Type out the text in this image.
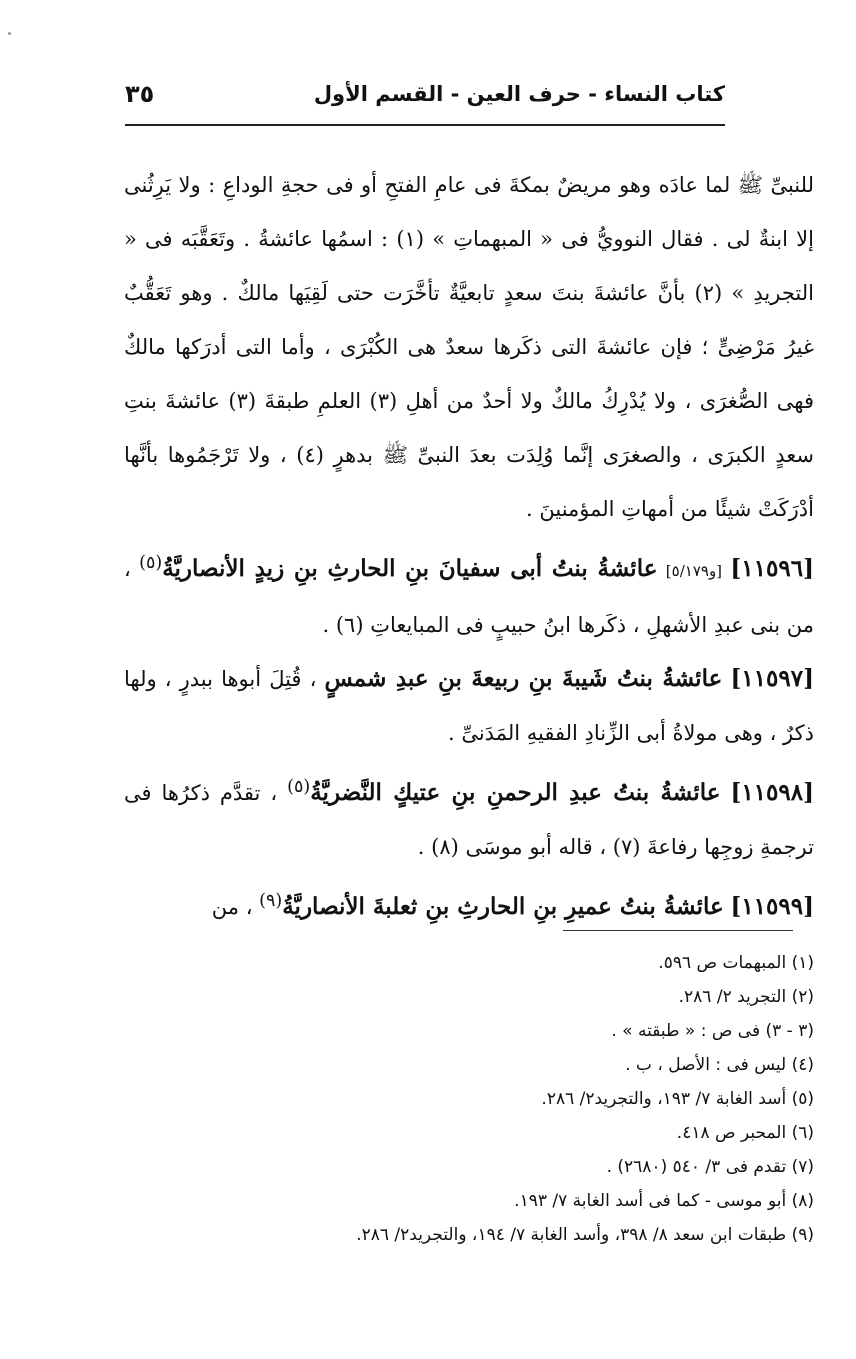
٣٥	كتاب النساء - حرف العين - القسم الأول

للنبىِّ ﷺ لما عادَه وهو مريضٌ بمكةَ فى عامِ الفتحِ أو فى حجةِ الوداعِ : ولا يَرِثُنى إلا ابنةٌ لى . فقال النوويُّ فى « المبهماتِ » (١) : اسمُها عائشةُ . وتَعَقَّبَه فى « التجريدِ » (٢) بأنَّ عائشةَ بنتَ سعدٍ تابعيَّةٌ تأخَّرَت حتى لَقِيَها مالكٌ . وهو تَعَقُّبٌ غيرُ مَرْضِىٍّ ؛ فإن عائشةَ التى ذكَرها سعدٌ هى الكُبْرَى ، وأما التى أدرَكها مالكٌ فهى الصُّغرَى ، ولا يُدْرِكُ مالكٌ ولا أحدٌ من أهلِ (٣) العلمِ طبقةَ (٣) عائشةَ بنتِ سعدٍ الكبرَى ، والصغرَى إنَّما وُلِدَت بعدَ النبىِّ ﷺ بدهرٍ (٤) ، ولا تَرْجَمُوها بأنَّها أدْرَكَتْ شيئًا من أمهاتِ المؤمنينَ .

[١١٥٩٦] [و٥/١٧٩] عائشةُ بنتُ أبى سفيانَ بنِ الحارثِ بنِ زيدٍ الأنصاريَّةُ$^{(٥)}$ ، من بنى عبدِ الأشهلِ ، ذكَرها ابنُ حبيبٍ فى المبايعاتِ (٦) .

[١١٥٩٧] عائشةُ بنتُ شَيبةَ بنِ ربيعةَ بنِ عبدِ شمسٍ ، قُتِلَ أبوها ببدرٍ ، ولها ذكرٌ ، وهى مولاةُ أبى الزِّنادِ الفقيهِ المَدَنىِّ .

[١١٥٩٨] عائشةُ بنتُ عبدِ الرحمنِ بنِ عتيكٍ النَّضريَّةُ$^{(٥)}$ ، تقدَّم ذكرُها فى ترجمةِ زوجِها رفاعةَ (٧) ، قاله أبو موسَى (٨) .

[١١٥٩٩] عائشةُ بنتُ عميرِ بنِ الحارثِ بنِ ثعلبةَ الأنصاريَّةُ$^{(٩)}$ ، من

(١) المبهمات ص ٥٩٦.
(٢) التجريد ٢/ ٢٨٦.
(٣ - ٣) فى ص : « طبقته » .
(٤) ليس فى : الأصل ، ب .
(٥) أسد الغابة ٧/ ١٩٣، والتجريد٢/ ٢٨٦.
(٦) المحبر ص ٤١٨.
(٧) تقدم فى ٣/ ٥٤٠ (٢٦٨٠) .
(٨) أبو موسى - كما فى أسد الغابة ٧/ ١٩٣.
(٩) طبقات ابن سعد ٨/ ٣٩٨، وأسد الغابة ٧/ ١٩٤، والتجريد٢/ ٢٨٦.
